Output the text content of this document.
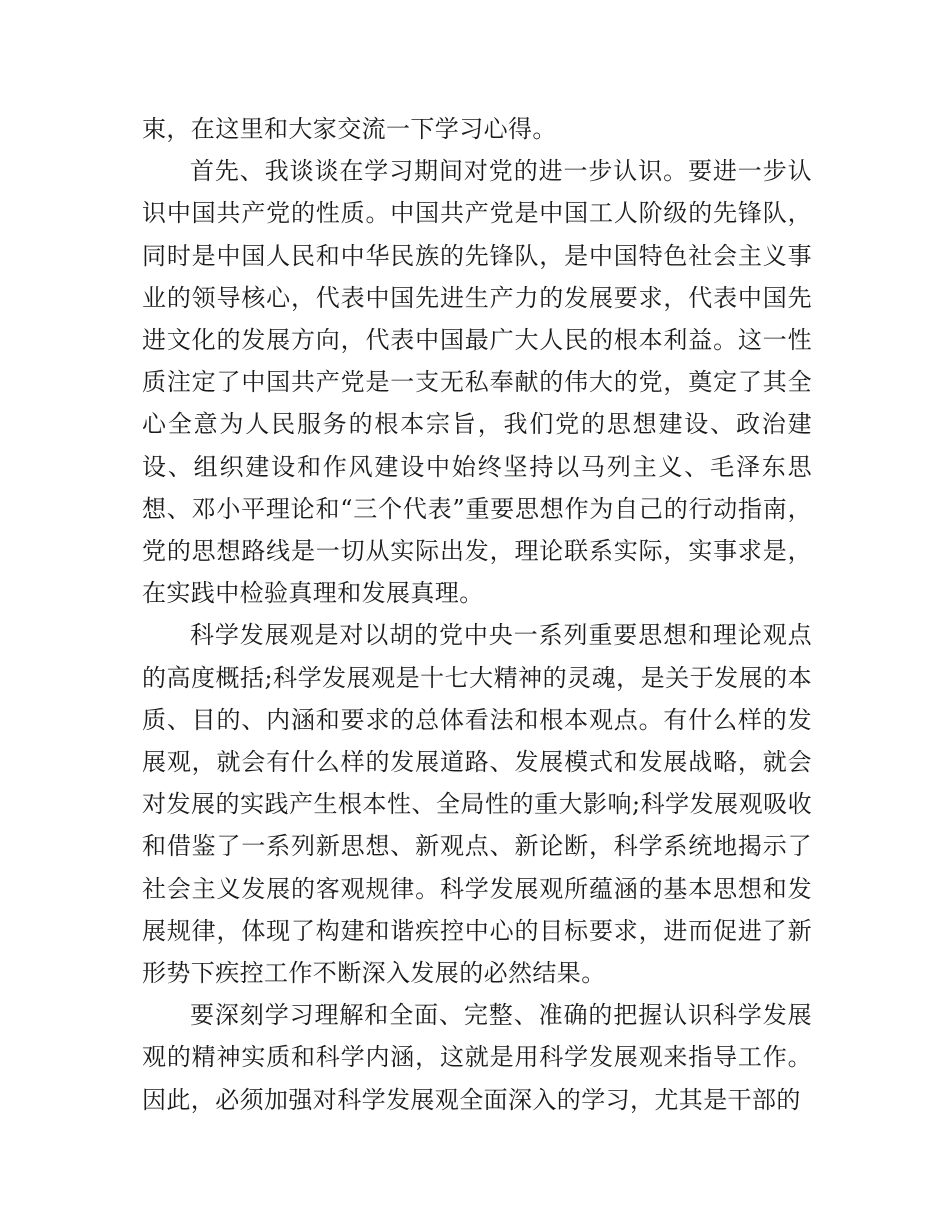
束，在这里和大家交流一下学习心得。

首先、我谈谈在学习期间对党的进一步认识。要进一步认识中国共产党的性质。中国共产党是中国工人阶级的先锋队，同时是中国人民和中华民族的先锋队，是中国特色社会主义事业的领导核心，代表中国先进生产力的发展要求，代表中国先进文化的发展方向，代表中国最广大人民的根本利益。这一性质注定了中国共产党是一支无私奉献的伟大的党，奠定了其全心全意为人民服务的根本宗旨，我们党的思想建设、政治建设、组织建设和作风建设中始终坚持以马列主义、毛泽东思想、邓小平理论和“三个代表”重要思想作为自己的行动指南，党的思想路线是一切从实际出发，理论联系实际，实事求是，在实践中检验真理和发展真理。

科学发展观是对以胡的党中央一系列重要思想和理论观点的高度概括;科学发展观是十七大精神的灵魂，是关于发展的本质、目的、内涵和要求的总体看法和根本观点。有什么样的发展观，就会有什么样的发展道路、发展模式和发展战略，就会对发展的实践产生根本性、全局性的重大影响;科学发展观吸收和借鉴了一系列新思想、新观点、新论断，科学系统地揭示了社会主义发展的客观规律。科学发展观所蕴涵的基本思想和发展规律，体现了构建和谐疾控中心的目标要求，进而促进了新形势下疾控工作不断深入发展的必然结果。

要深刻学习理解和全面、完整、准确的把握认识科学发展观的精神实质和科学内涵，这就是用科学发展观来指导工作。因此，必须加强对科学发展观全面深入的学习，尤其是干部的
